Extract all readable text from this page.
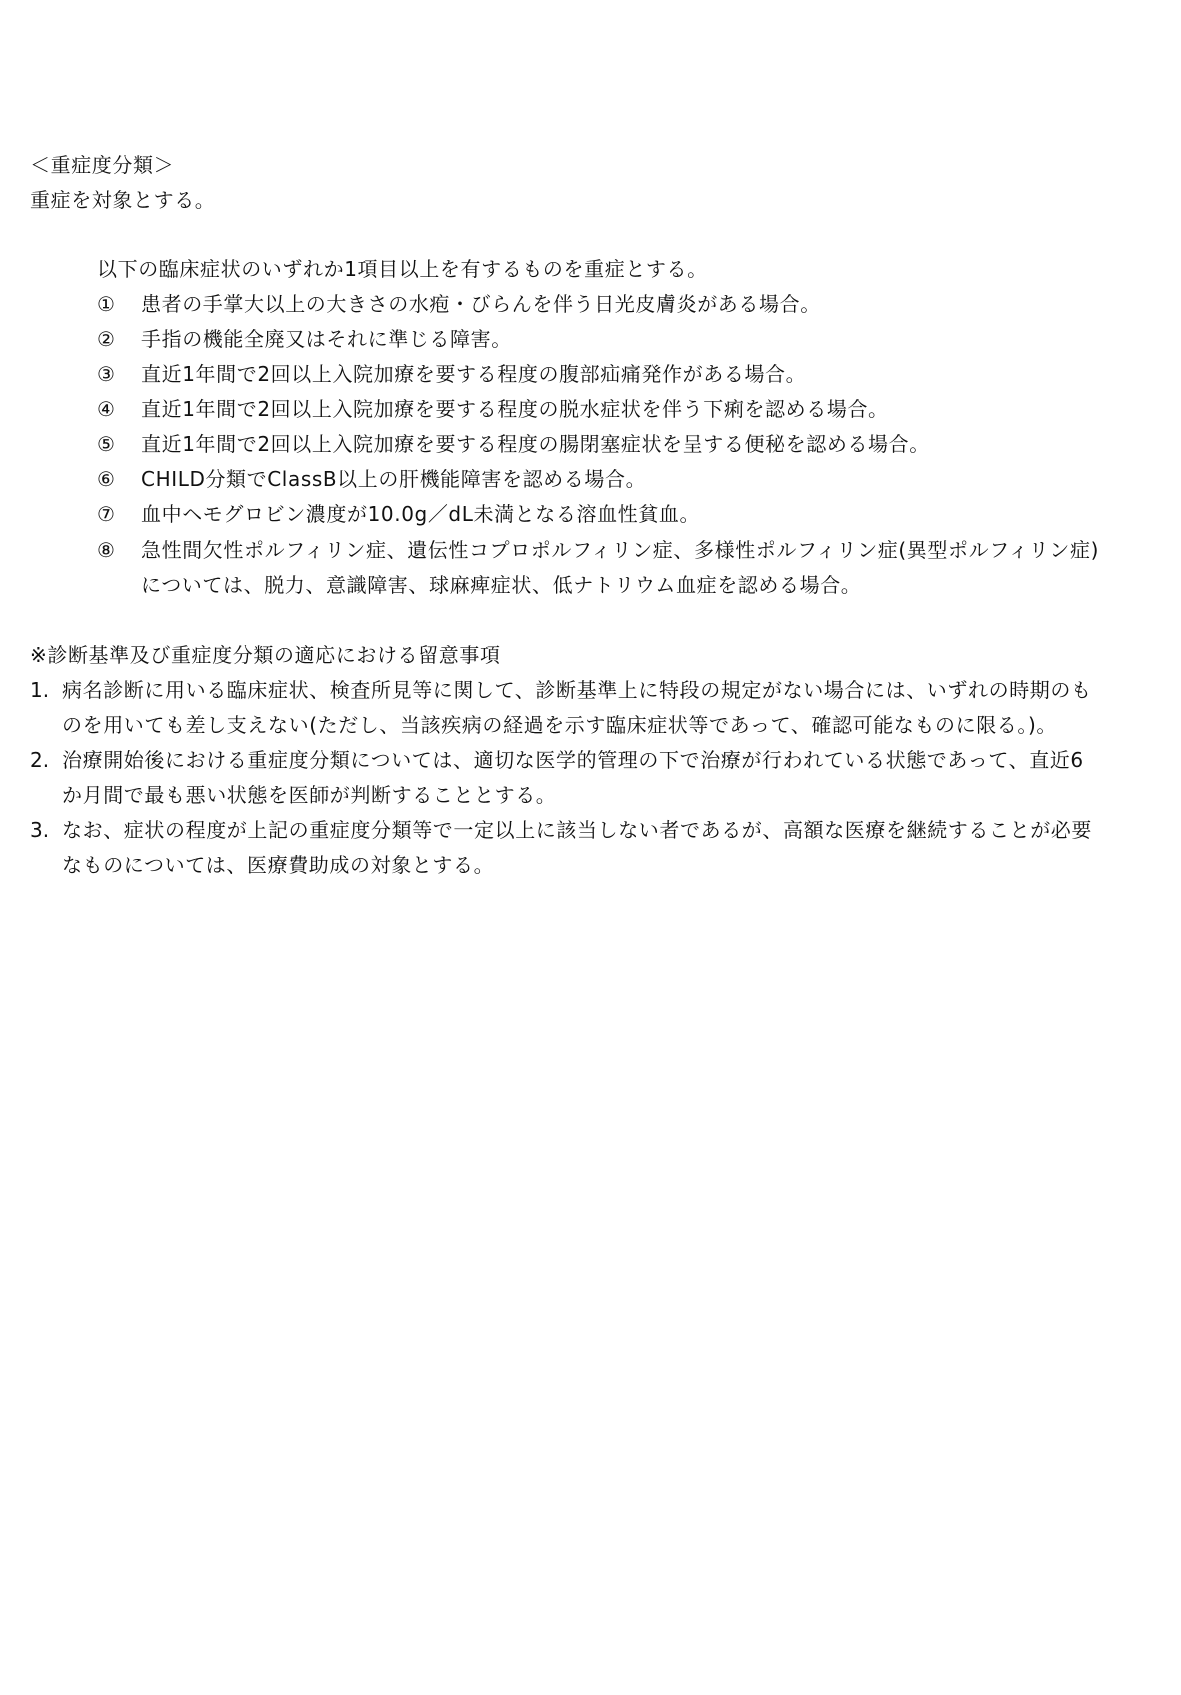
＜重症度分類＞
重症を対象とする。
以下の臨床症状のいずれか1項目以上を有するものを重症とする。
① 患者の手掌大以上の大きさの水疱・びらんを伴う日光皮膚炎がある場合。
② 手指の機能全廃又はそれに準じる障害。
③ 直近1年間で2回以上入院加療を要する程度の腹部疝痛発作がある場合。
④ 直近1年間で2回以上入院加療を要する程度の脱水症状を伴う下痢を認める場合。
⑤ 直近1年間で2回以上入院加療を要する程度の腸閉塞症状を呈する便秘を認める場合。
⑥ CHILD分類でClassB以上の肝機能障害を認める場合。
⑦ 血中ヘモグロビン濃度が10.0g／dL未満となる溶血性貧血。
⑧ 急性間欠性ポルフィリン症、遺伝性コプロポルフィリン症、多様性ポルフィリン症(異型ポルフィリン症)
については、脱力、意識障害、球麻痺症状、低ナトリウム血症を認める場合。
※診断基準及び重症度分類の適応における留意事項
1. 病名診断に用いる臨床症状、検査所見等に関して、診断基準上に特段の規定がない場合には、いずれの時期のも
のを用いても差し支えない(ただし、当該疾病の経過を示す臨床症状等であって、確認可能なものに限る。)。
2. 治療開始後における重症度分類については、適切な医学的管理の下で治療が行われている状態であって、直近6
か月間で最も悪い状態を医師が判断することとする。
3. なお、症状の程度が上記の重症度分類等で一定以上に該当しない者であるが、高額な医療を継続することが必要
なものについては、医療費助成の対象とする。
